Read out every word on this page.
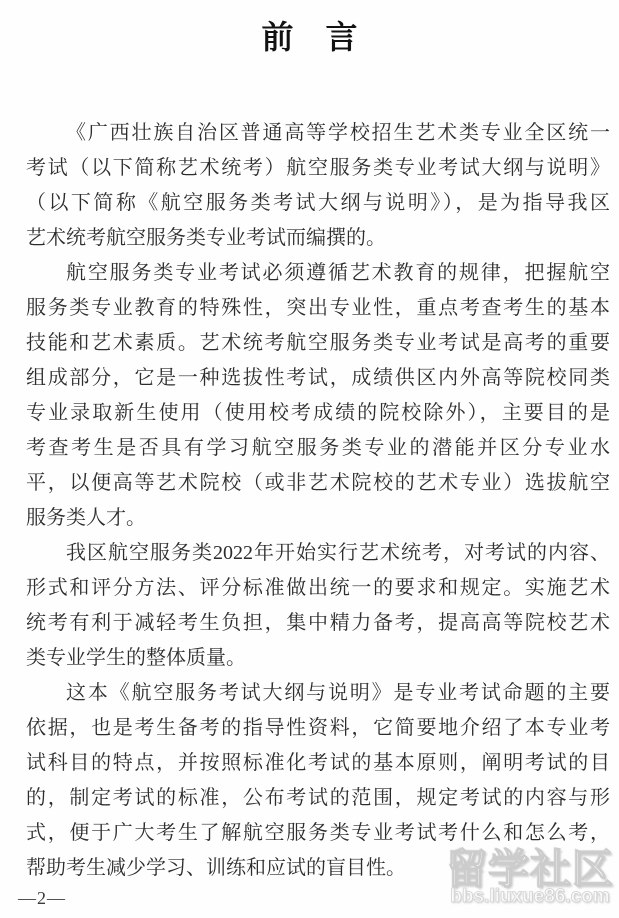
前　言
《广西壮族自治区普通高等学校招生艺术类专业全区统一
考试（以下简称艺术统考）航空服务类专业考试大纲与说明》
（以下简称《航空服务类考试大纲与说明》），是为指导我区
艺术统考航空服务类专业考试而编撰的。
航空服务类专业考试必须遵循艺术教育的规律，把握航空
服务类专业教育的特殊性，突出专业性，重点考查考生的基本
技能和艺术素质。艺术统考航空服务类专业考试是高考的重要
组成部分，它是一种选拔性考试，成绩供区内外高等院校同类
专业录取新生使用（使用校考成绩的院校除外），主要目的是
考查考生是否具有学习航空服务类专业的潜能并区分专业水
平，以便高等艺术院校（或非艺术院校的艺术专业）选拔航空
服务类人才。
我区航空服务类2022年开始实行艺术统考，对考试的内容、
形式和评分方法、评分标准做出统一的要求和规定。实施艺术
统考有利于减轻考生负担，集中精力备考，提高高等院校艺术
类专业学生的整体质量。
这本《航空服务考试大纲与说明》是专业考试命题的主要
依据，也是考生备考的指导性资料，它简要地介绍了本专业考
试科目的特点，并按照标准化考试的基本原则，阐明考试的目
的，制定考试的标准，公布考试的范围，规定考试的内容与形
式，便于广大考生了解航空服务类专业考试考什么和怎么考，
帮助考生减少学习、训练和应试的盲目性。
—2—
留学社区
bbs.liuxue86.com
